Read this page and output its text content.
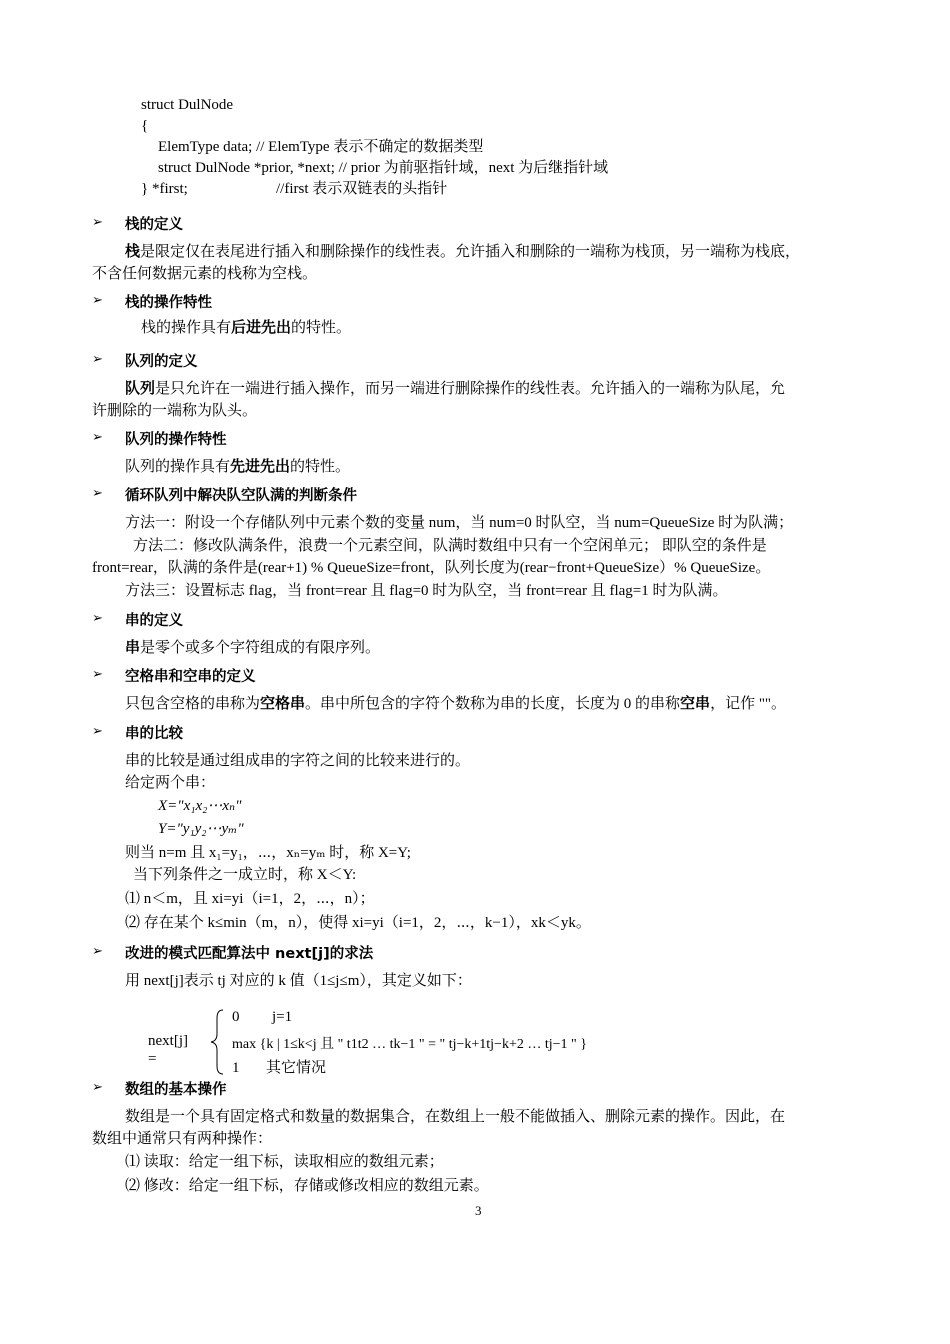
struct DulNode
{
ElemType data; // ElemType 表示不确定的数据类型
struct DulNode *prior, *next; // prior 为前驱指针域，next 为后继指针域
} *first;	//first 表示双链表的头指针
➢ 栈的定义
栈是限定仅在表尾进行插入和删除操作的线性表。允许插入和删除的一端称为栈顶，另一端称为栈底，
不含任何数据元素的栈称为空栈。
➢ 栈的操作特性
栈的操作具有后进先出的特性。
➢ 队列的定义
队列是只允许在一端进行插入操作，而另一端进行删除操作的线性表。允许插入的一端称为队尾，允
许删除的一端称为队头。
➢ 队列的操作特性
队列的操作具有先进先出的特性。
➢ 循环队列中解决队空队满的判断条件
方法一：附设一个存储队列中元素个数的变量 num，当 num=0 时队空，当 num=QueueSize 时为队满；
方法二：修改队满条件，浪费一个元素空间，队满时数组中只有一个空闲单元； 即队空的条件是
front=rear，队满的条件是(rear+1) % QueueSize=front，队列长度为(rear−front+QueueSize）% QueueSize。
方法三：设置标志 flag，当 front=rear 且 flag=0 时为队空，当 front=rear 且 flag=1 时为队满。
➢ 串的定义
串是零个或多个字符组成的有限序列。
➢ 空格串和空串的定义
只包含空格的串称为空格串。串中所包含的字符个数称为串的长度，长度为 0 的串称空串，记作 ""。
➢ 串的比较
串的比较是通过组成串的字符之间的比较来进行的。
给定两个串：
X="x₁x₂⋯xₙ"
Y="y₁y₂⋯yₘ"
则当 n=m 且 x₁=y₁，⋯，xₙ=yₘ 时，称 X=Y;
当下列条件之一成立时，称 X＜Y:
⑴ n＜m，且 xi=yi（i=1，2，⋯，n）；
⑵ 存在某个 k≤min（m，n），使得 xi=yi（i=1，2，⋯，k−1），xk＜yk。
➢ 改进的模式匹配算法中 next[j]的求法
用 next[j]表示 tj 对应的 k 值（1≤j≤m），其定义如下：
next[j]
=
0 j=1
max {k | 1≤k<j 且 " t1t2 … tk−1 " = " tj−k+1tj−k+2 … tj−1 " }
1 其它情况
➢ 数组的基本操作
数组是一个具有固定格式和数量的数据集合，在数组上一般不能做插入、删除元素的操作。因此，在
数组中通常只有两种操作：
⑴ 读取：给定一组下标，读取相应的数组元素；
⑵ 修改：给定一组下标，存储或修改相应的数组元素。
3
